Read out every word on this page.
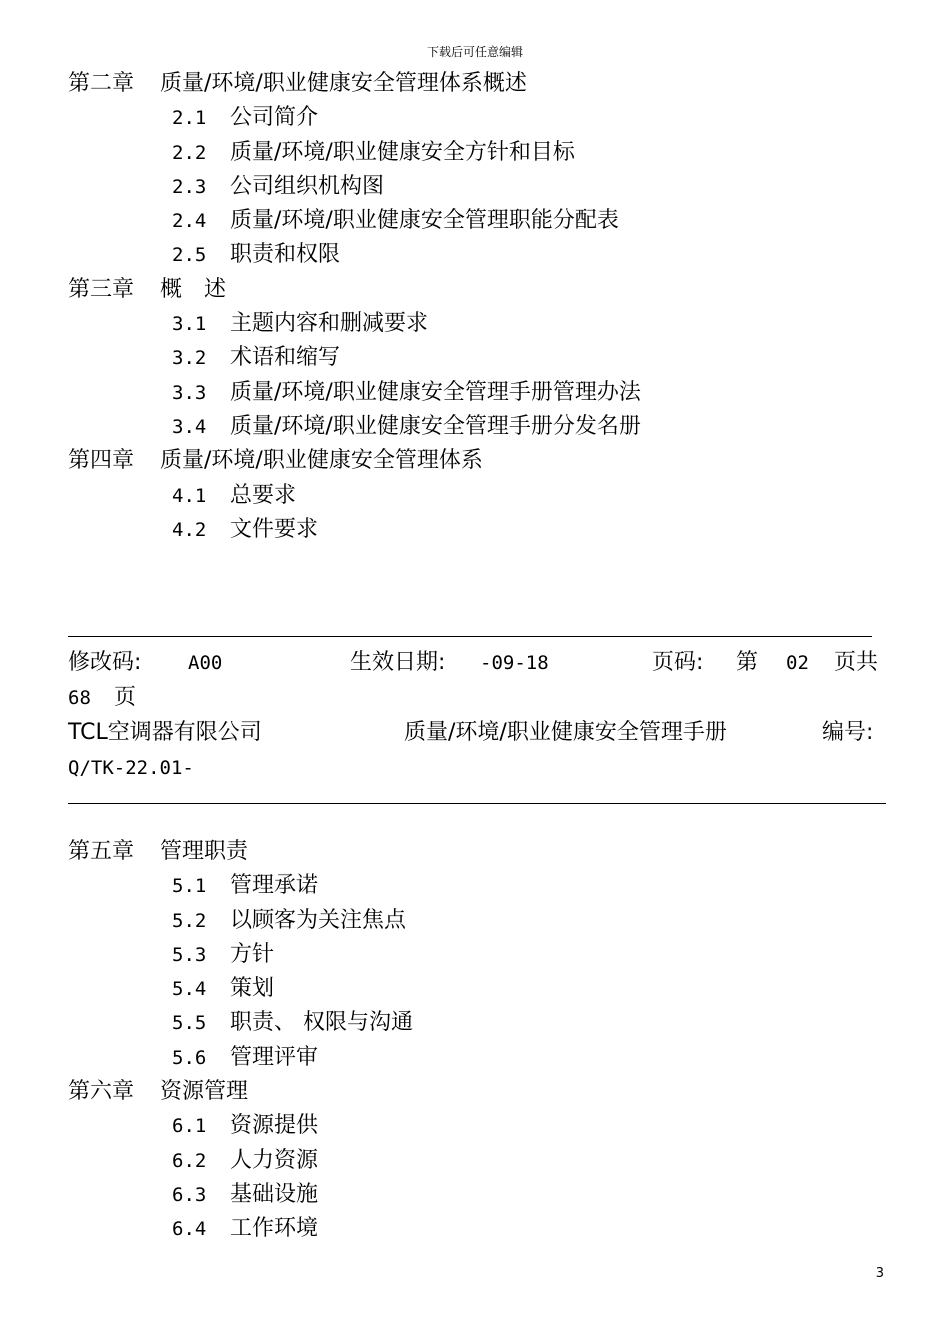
下载后可任意编辑
第二章 质量/环境/职业健康安全管理体系概述
2.1 公司简介
2.2 质量/环境/职业健康安全方针和目标
2.3 公司组织机构图
2.4 质量/环境/职业健康安全管理职能分配表
2.5 职责和权限
第三章 概　述
3.1 主题内容和删减要求
3.2 术语和缩写
3.3 质量/环境/职业健康安全管理手册管理办法
3.4 质量/环境/职业健康安全管理手册分发名册
第四章 质量/环境/职业健康安全管理体系
4.1 总要求
4.2 文件要求
修改码: A00	生效日期: -09-18	页码: 第 02 页共
68 页
TCL空调器有限公司	质量/环境/职业健康安全管理手册	编号:
Q/TK-22.01-
第五章 管理职责
5.1 管理承诺
5.2 以顾客为关注焦点
5.3 方针
5.4 策划
5.5 职责、 权限与沟通
5.6 管理评审
第六章 资源管理
6.1 资源提供
6.2 人力资源
6.3 基础设施
6.4 工作环境
3
